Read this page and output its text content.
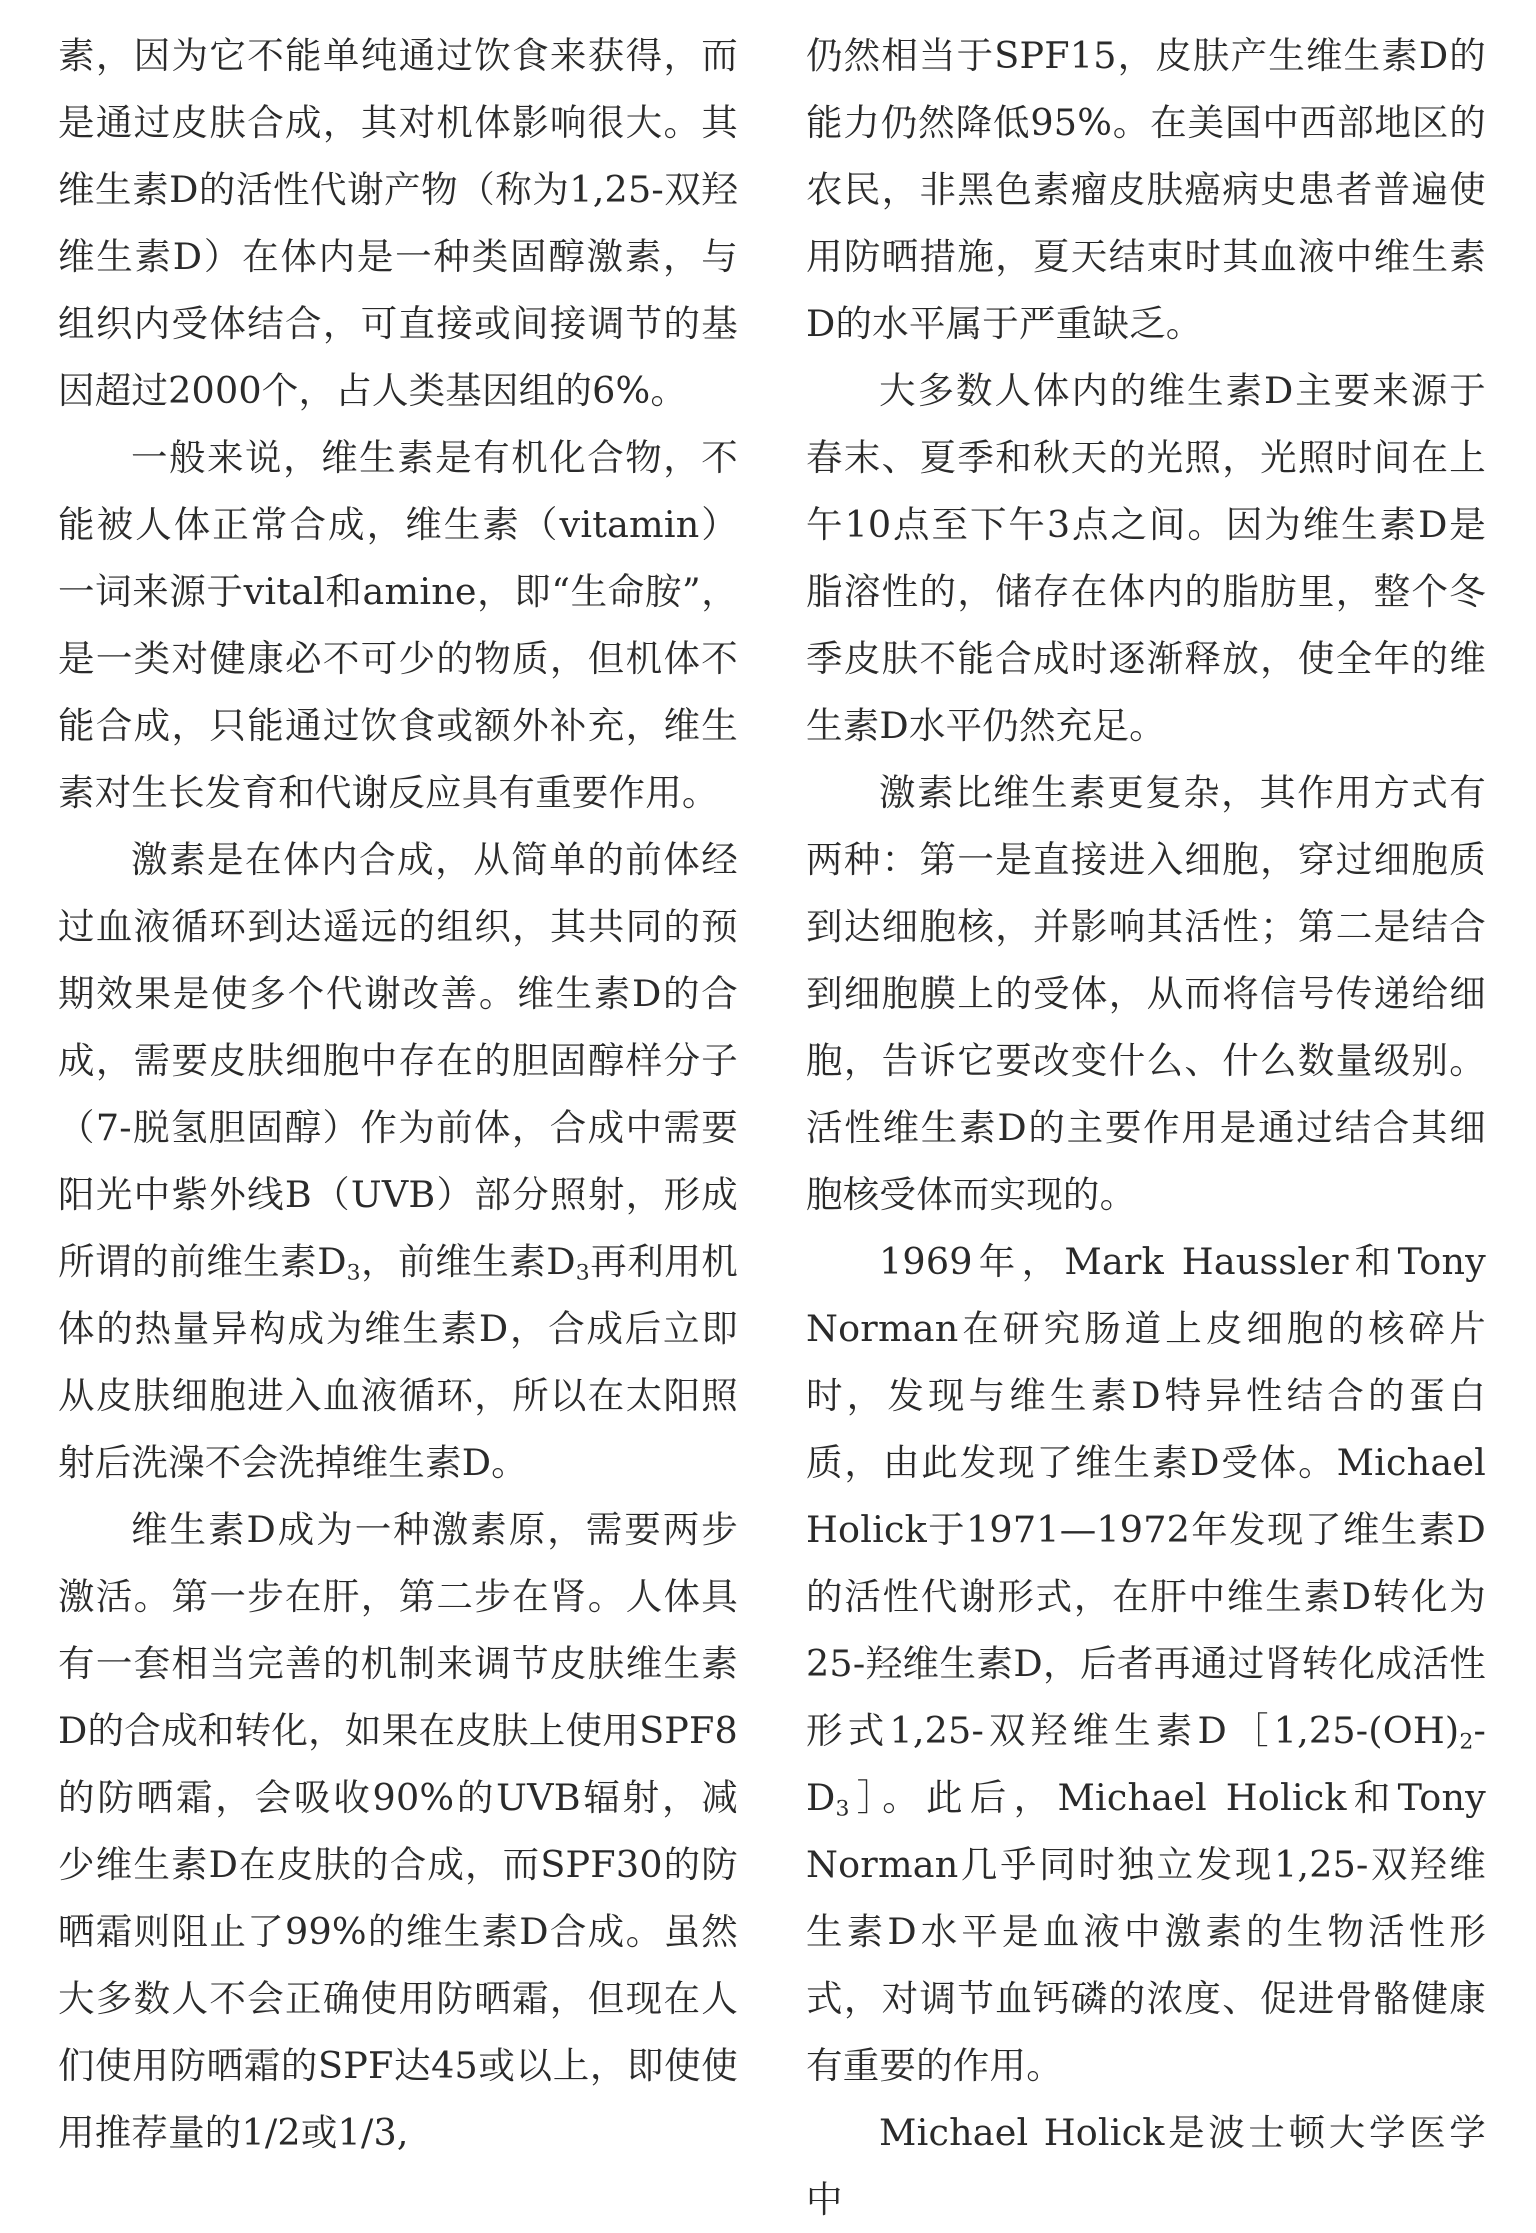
素，因为它不能单纯通过饮食来获得，而是通过皮肤合成，其对机体影响很大。其维生素D的活性代谢产物（称为1,25-双羟维生素D）在体内是一种类固醇激素，与组织内受体结合，可直接或间接调节的基因超过2000个，占人类基因组的6%。

一般来说，维生素是有机化合物，不能被人体正常合成，维生素（vitamin）一词来源于vital和amine，即“生命胺”，是一类对健康必不可少的物质，但机体不能合成，只能通过饮食或额外补充，维生素对生长发育和代谢反应具有重要作用。

激素是在体内合成，从简单的前体经过血液循环到达遥远的组织，其共同的预期效果是使多个代谢改善。维生素D的合成，需要皮肤细胞中存在的胆固醇样分子（7-脱氢胆固醇）作为前体，合成中需要阳光中紫外线B（UVB）部分照射，形成所谓的前维生素$D_3$，前维生素$D_3$再利用机体的热量异构成为维生素D，合成后立即从皮肤细胞进入血液循环，所以在太阳照射后洗澡不会洗掉维生素D。

维生素D成为一种激素原，需要两步激活。第一步在肝，第二步在肾。人体具有一套相当完善的机制来调节皮肤维生素D的合成和转化，如果在皮肤上使用SPF8的防晒霜，会吸收90%的UVB辐射，减少维生素D在皮肤的合成，而SPF30的防晒霜则阻止了99%的维生素D合成。虽然大多数人不会正确使用防晒霜，但现在人们使用防晒霜的SPF达45或以上，即使使用推荐量的1/2或1/3,

仍然相当于SPF15，皮肤产生维生素D的能力仍然降低95%。在美国中西部地区的农民，非黑色素瘤皮肤癌病史患者普遍使用防晒措施，夏天结束时其血液中维生素D的水平属于严重缺乏。

大多数人体内的维生素D主要来源于春末、夏季和秋天的光照，光照时间在上午10点至下午3点之间。因为维生素D是脂溶性的，储存在体内的脂肪里，整个冬季皮肤不能合成时逐渐释放，使全年的维生素D水平仍然充足。

激素比维生素更复杂，其作用方式有两种：第一是直接进入细胞，穿过细胞质到达细胞核，并影响其活性；第二是结合到细胞膜上的受体，从而将信号传递给细胞，告诉它要改变什么、什么数量级别。活性维生素D的主要作用是通过结合其细胞核受体而实现的。

1969年，Mark Haussler和Tony Norman在研究肠道上皮细胞的核碎片时，发现与维生素D特异性结合的蛋白质，由此发现了维生素D受体。Michael Holick于1971—1972年发现了维生素D的活性代谢形式，在肝中维生素D转化为25-羟维生素D，后者再通过肾转化成活性形式1,25-双羟维生素$D[1,25-(OH)_2-D_3]$。此后，Michael Holick和Tony Norman几乎同时独立发现1,25-双羟维生素D水平是血液中激素的生物活性形式，对调节血钙磷的浓度、促进骨骼健康有重要的作用。

Michael Holick是波士顿大学医学中
